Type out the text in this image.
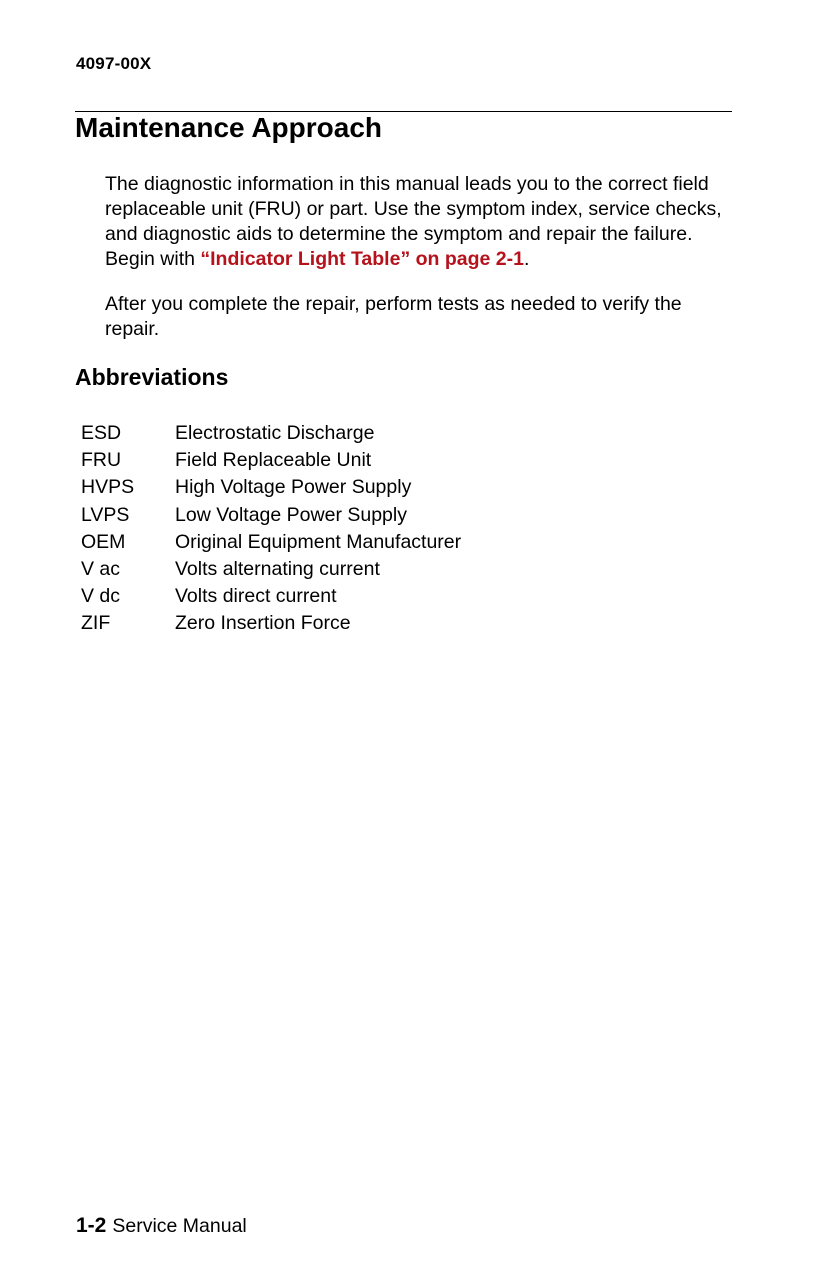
4097-00X
Maintenance Approach

The diagnostic information in this manual leads you to the correct field replaceable unit (FRU) or part. Use the symptom index, service checks, and diagnostic aids to determine the symptom and repair the failure. Begin with “Indicator Light Table” on page 2-1.

After you complete the repair, perform tests as needed to verify the repair.

Abbreviations
ESD	Electrostatic Discharge
FRU	Field Replaceable Unit
HVPS	High Voltage Power Supply
LVPS	Low Voltage Power Supply
OEM	Original Equipment Manufacturer
V ac	Volts alternating current
V dc	Volts direct current
ZIF	Zero Insertion Force
1-2 Service Manual
